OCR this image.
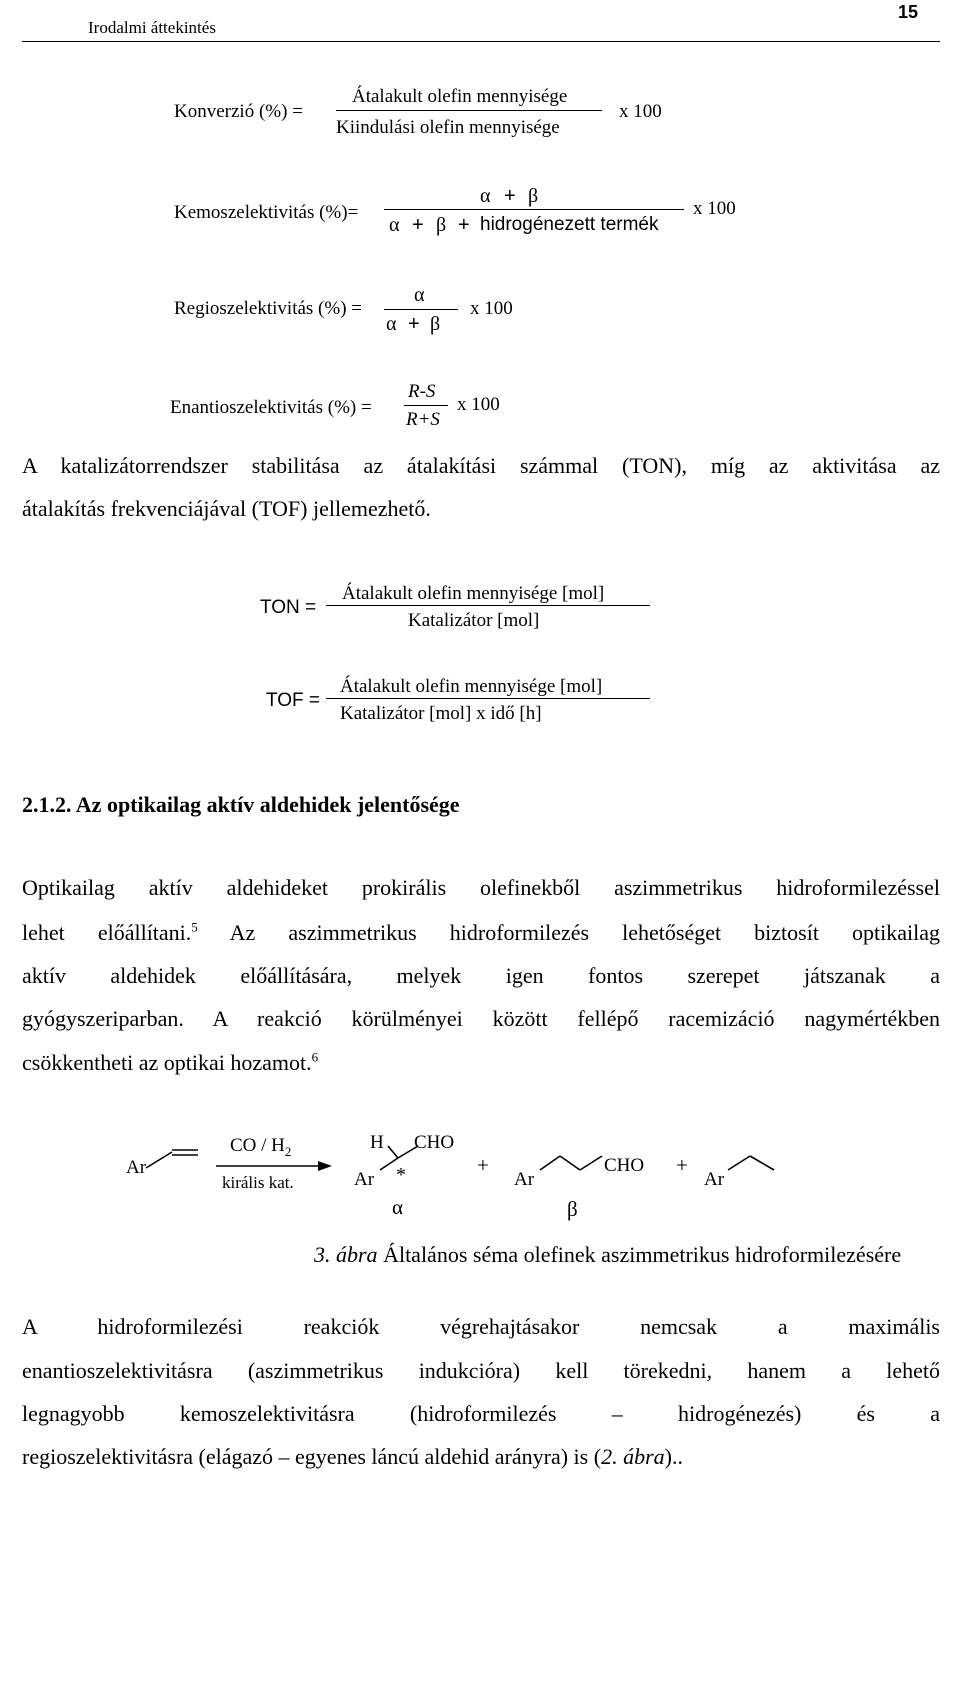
Irodalmi áttekintés
15
Konverzió (%) =
Átalakult olefin mennyisége
Kiindulási olefin mennyisége
x 100
Kemoszelektivitás (%)=
α + β
α + β + hidrogénezett termék
x 100
Regioszelektivitás (%) =
α
α + β
x 100
Enantioszelektivitás (%) =
R-S
R+S
x 100
A katalizátorrendszer stabilitása az átalakítási számmal (TON), míg az aktivitása az
átalakítás frekvenciájával (TOF) jellemezhető.
TON =
Átalakult olefin mennyisége [mol]
Katalizátor [mol]
TOF =
Átalakult olefin mennyisége [mol]
Katalizátor [mol] x idő [h]
2.1.2. Az optikailag aktív aldehidek jelentősége
Optikailag aktív aldehideket prokirális olefinekből aszimmetrikus hidroformilezéssel
lehet előállítani.$^5$ Az aszimmetrikus hidroformilezés lehetőséget biztosít optikailag
aktív aldehidek előállítására, melyek igen fontos szerepet játszanak a
gyógyszeriparban. A reakció körülményei között fellépő racemizáció nagymértékben
csökkentheti az optikai hozamot.$^6$
Ar
CO / $H_2$
királis kat.
H CHO
Ar *
α
+
Ar
CHO
β
+
Ar
3. ábra Általános séma olefinek aszimmetrikus hidroformilezésére
A hidroformilezési reakciók végrehajtásakor nemcsak a maximális
enantioszelektivitásra (aszimmetrikus indukcióra) kell törekedni, hanem a lehető
legnagyobb kemoszelektivitásra (hidroformilezés – hidrogénezés) és a
regioszelektivitásra (elágazó – egyenes láncú aldehid arányra) is (2. ábra)..
